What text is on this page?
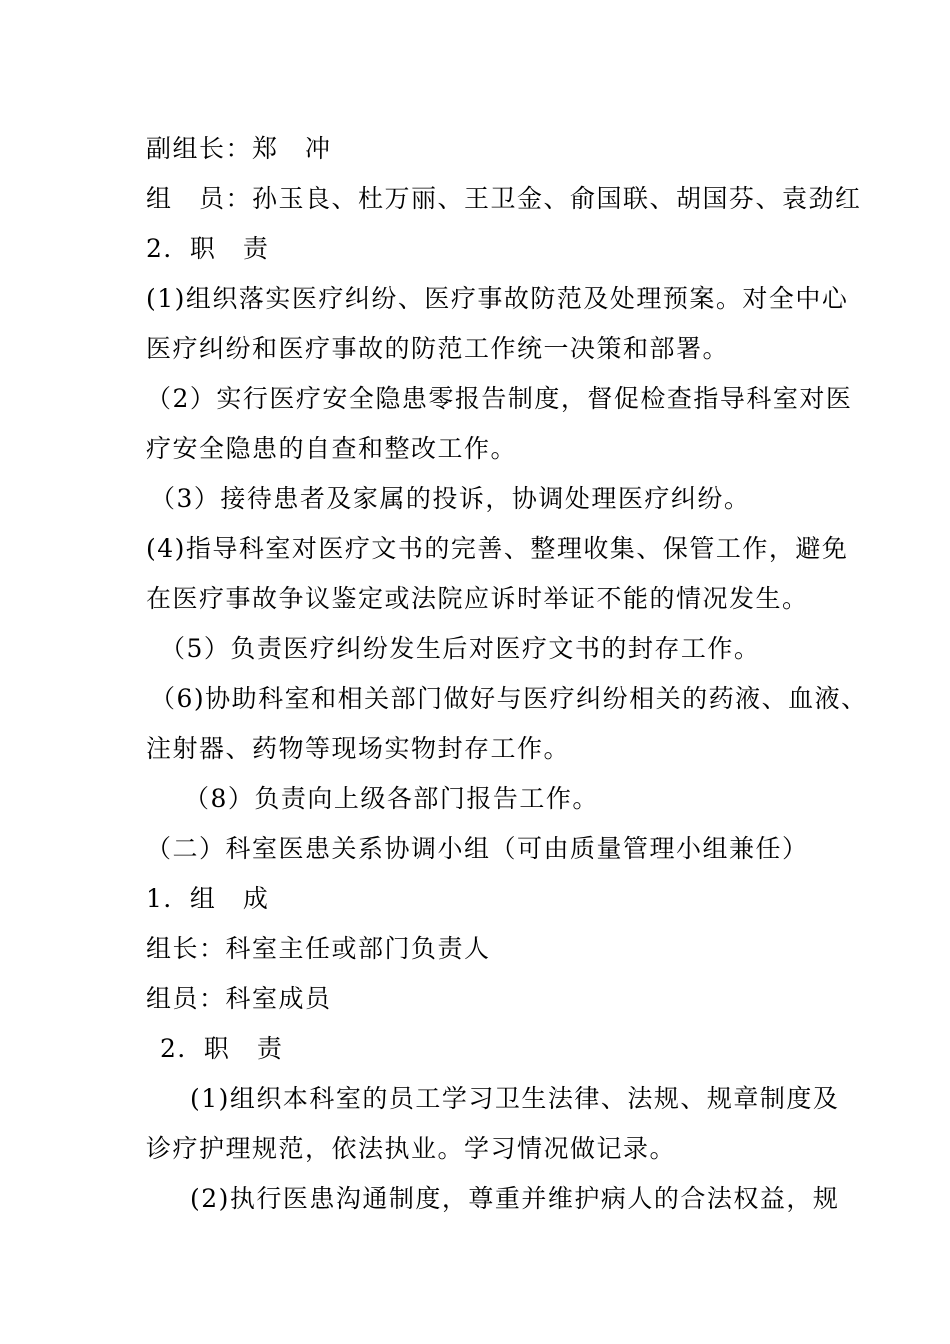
副组长：郑　冲
组　员：孙玉良、杜万丽、王卫金、俞国联、胡国芬、袁劲红
2．职　责
(1)组织落实医疗纠纷、医疗事故防范及处理预案。对全中心
医疗纠纷和医疗事故的防范工作统一决策和部署。
（2）实行医疗安全隐患零报告制度，督促检查指导科室对医
疗安全隐患的自查和整改工作。
（3）接待患者及家属的投诉，协调处理医疗纠纷。
(4)指导科室对医疗文书的完善、整理收集、保管工作，避免
在医疗事故争议鉴定或法院应诉时举证不能的情况发生。
（5）负责医疗纠纷发生后对医疗文书的封存工作。
（6)协助科室和相关部门做好与医疗纠纷相关的药液、血液、
注射器、药物等现场实物封存工作。
（8）负责向上级各部门报告工作。
（二）科室医患关系协调小组（可由质量管理小组兼任）
1．组　成
组长：科室主任或部门负责人
组员：科室成员
2．职　责
(1)组织本科室的员工学习卫生法律、法规、规章制度及
诊疗护理规范，依法执业。学习情况做记录。
(2)执行医患沟通制度，尊重并维护病人的合法权益，规
